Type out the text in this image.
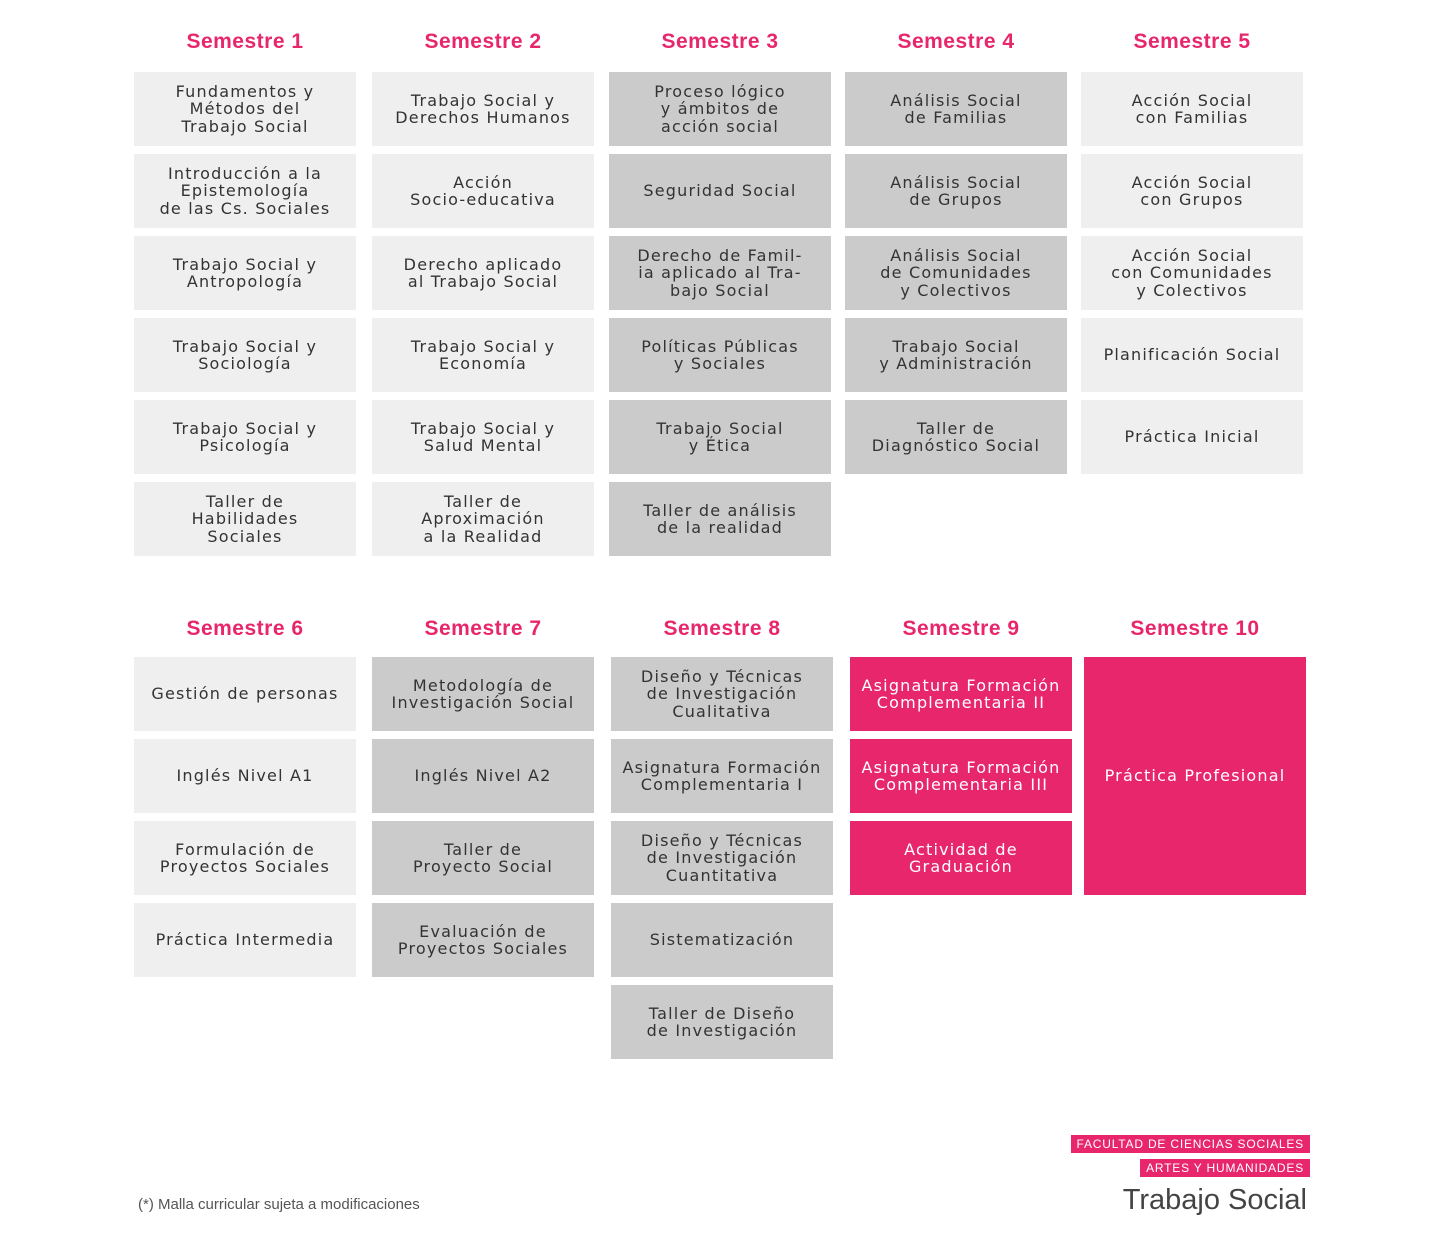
Semestre 1
Fundamentos y
Métodos del
Trabajo Social
Introducción a la
Epistemología
de las Cs. Sociales
Trabajo Social y
Antropología
Trabajo Social y
Sociología
Trabajo Social y
Psicología
Taller de
Habilidades
Sociales
Semestre 2
Trabajo Social y
Derechos Humanos
Acción
Socio-educativa
Derecho aplicado
al Trabajo Social
Trabajo Social y
Economía
Trabajo Social y
Salud Mental
Taller de
Aproximación
a la Realidad
Semestre 3
Proceso lógico
y ámbitos de
acción social
Seguridad Social
Derecho de Famil-
ia aplicado al Tra-
bajo Social
Políticas Públicas
y Sociales
Trabajo Social
y Ética
Taller de análisis
de la realidad
Semestre 4
Análisis Social
de Familias
Análisis Social
de Grupos
Análisis Social
de Comunidades
y Colectivos
Trabajo Social
y Administración
Taller de
Diagnóstico Social
Semestre 5
Acción Social
con Familias
Acción Social
con Grupos
Acción Social
con Comunidades
y Colectivos
Planificación Social
Práctica Inicial
Semestre 6
Gestión de personas
Inglés Nivel A1
Formulación de
Proyectos Sociales
Práctica Intermedia
Semestre 7
Metodología de
Investigación Social
Inglés Nivel A2
Taller de
Proyecto Social
Evaluación de
Proyectos Sociales
Semestre 8
Diseño y Técnicas
de Investigación
Cualitativa
Asignatura Formación
Complementaria I
Diseño y Técnicas
de Investigación
Cuantitativa
Sistematización
Taller de Diseño
de Investigación
Semestre 9
Asignatura Formación
Complementaria II
Asignatura Formación
Complementaria III
Actividad de
Graduación
Semestre 10
Práctica Profesional
(*) Malla curricular sujeta a modificaciones
FACULTAD DE CIENCIAS SOCIALES
ARTES Y HUMANIDADES
Trabajo Social
